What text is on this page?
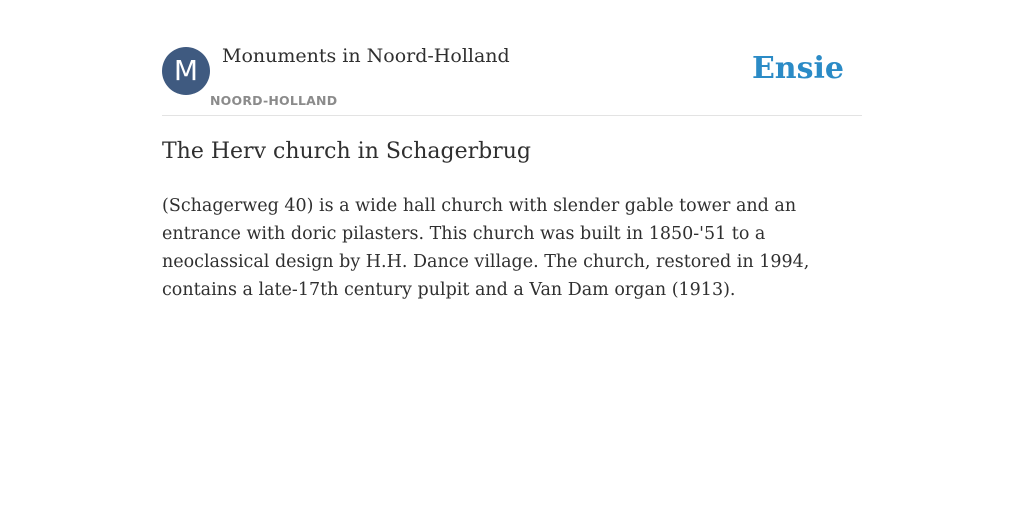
M	Monuments in Noord-Holland
NOORD-HOLLAND
Ensie
The Herv church in Schagerbrug

(Schagerweg 40) is a wide hall church with slender gable tower and an entrance with doric pilasters. This church was built in 1850-'51 to a neoclassical design by H.H. Dance village. The church, restored in 1994, contains a late-17th century pulpit and a Van Dam organ (1913).
